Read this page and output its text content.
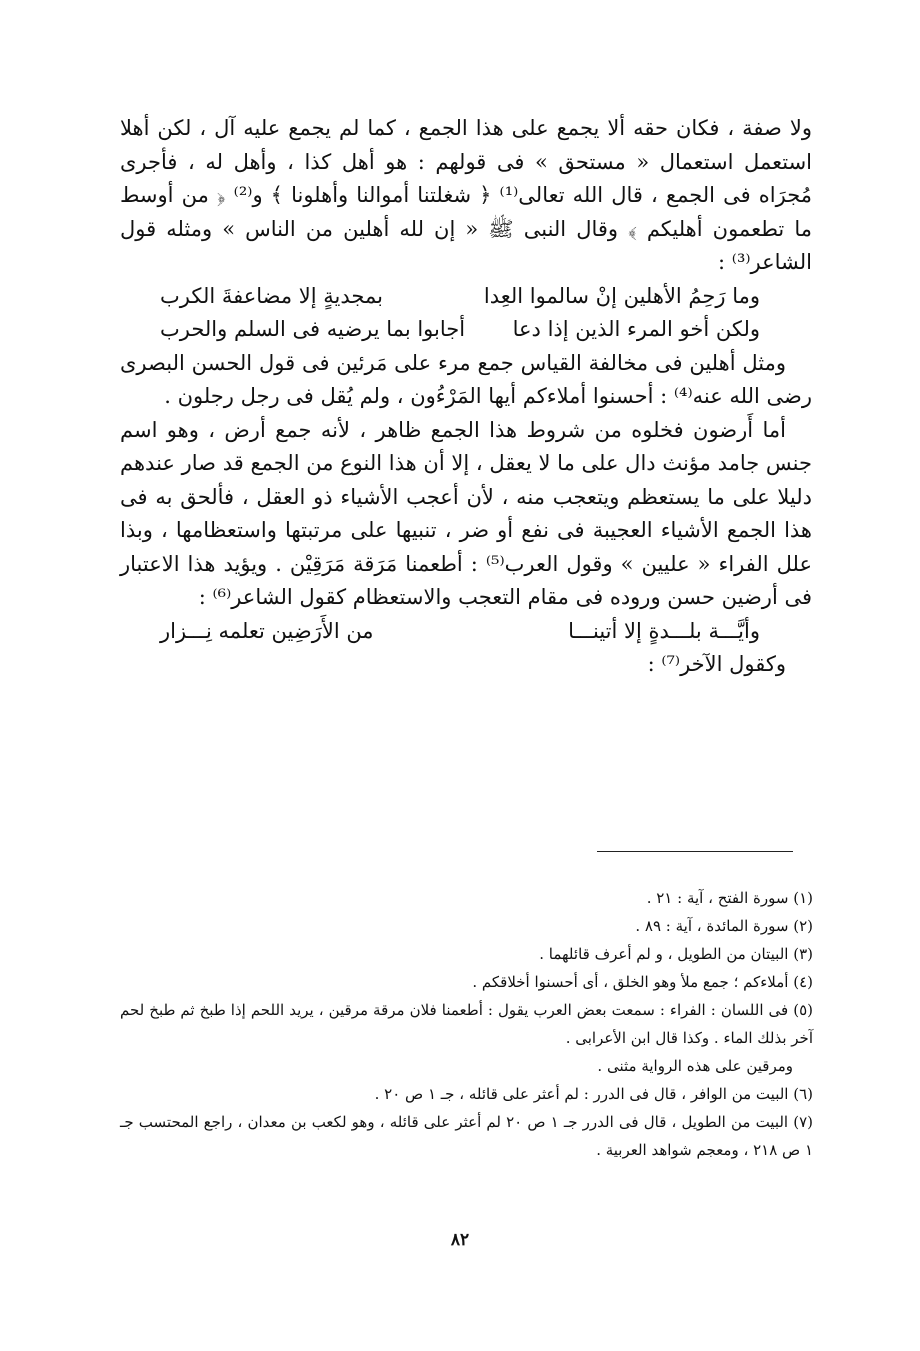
ولا صفة ، فكان حقه ألا يجمع على هذا الجمع ، كما لم يجمع عليه آل ، لكن أهلا استعمل استعمال « مستحق » فى قولهم : هو أهل كذا ، وأهل له ، فأجرى مُجرَاه فى الجمع ، قال الله تعالى⁽¹⁾ ﴿ شغلتنا أموالنا وأهلونا ﴾ و⁽²⁾ ﴿ من أوسط ما تطعمون أهليكم ﴾ وقال النبى ﷺ « إن لله أهلين من الناس » ومثله قول الشاعر⁽³⁾ :

وما رَحِمُ الأهلين إنْ سالموا العِدا
بمجديةٍ إلا مضاعفةَ الكرب
ولكن أخو المرء الذين إذا دعا
أجابوا بما يرضيه فى السلم والحرب

ومثل أهلين فى مخالفة القياس جمع مرء على مَرئين فى قول الحسن البصرى رضى الله عنه⁽⁴⁾ : أحسنوا أملاءكم أيها المَرْءُون ، ولم يُقل فى رجل رجلون .

أما أَرضون فخلوه من شروط هذا الجمع ظاهر ، لأنه جمع أرض ، وهو اسم جنس جامد مؤنث دال على ما لا يعقل ، إلا أن هذا النوع من الجمع قد صار عندهم دليلا على ما يستعظم ويتعجب منه ، لأن أعجب الأشياء ذو العقل ، فألحق به فى هذا الجمع الأشياء العجيبة فى نفع أو ضر ، تنبيها على مرتبتها واستعظامها ، وبذا علل الفراء « عليين » وقول العرب⁽⁵⁾ : أطعمنا مَرَقة مَرَقِيْن . ويؤيد هذا الاعتبار فى أرضين حسن وروده فى مقام التعجب والاستعظام كقول الشاعر⁽⁶⁾ :

وأيَّـــة بلـــدةٍ إلا أتينـــا
من الأَرَضِين تعلمه نِـــزار

وكقول الآخر⁽⁷⁾ :

(١) سورة الفتح ، آية : ٢١ .

(٢) سورة المائدة ، آية : ٨٩ .

(٣) البيتان من الطويل ، و لم أعرف قائلهما .

(٤) أملاءكم ؛ جمع ملأ وهو الخلق ، أى أحسنوا أخلاقكم .

(٥) فى اللسان : الفراء : سمعت بعض العرب يقول : أطعمنا فلان مرقة مرقين ، يريد اللحم إذا طبخ ثم طبخ لحم آخر بذلك الماء . وكذا قال ابن الأعرابى .

ومرقين على هذه الرواية مثنى .

(٦) البيت من الوافر ، قال فى الدرر : لم أعثر على قائله ، جـ ١ ص ٢٠ .

(٧) البيت من الطويل ، قال فى الدرر جـ ١ ص ٢٠ لم أعثر على قائله ، وهو لكعب بن معدان ، راجع المحتسب جـ ١ ص ٢١٨ ، ومعجم شواهد العربية .

٨٢
